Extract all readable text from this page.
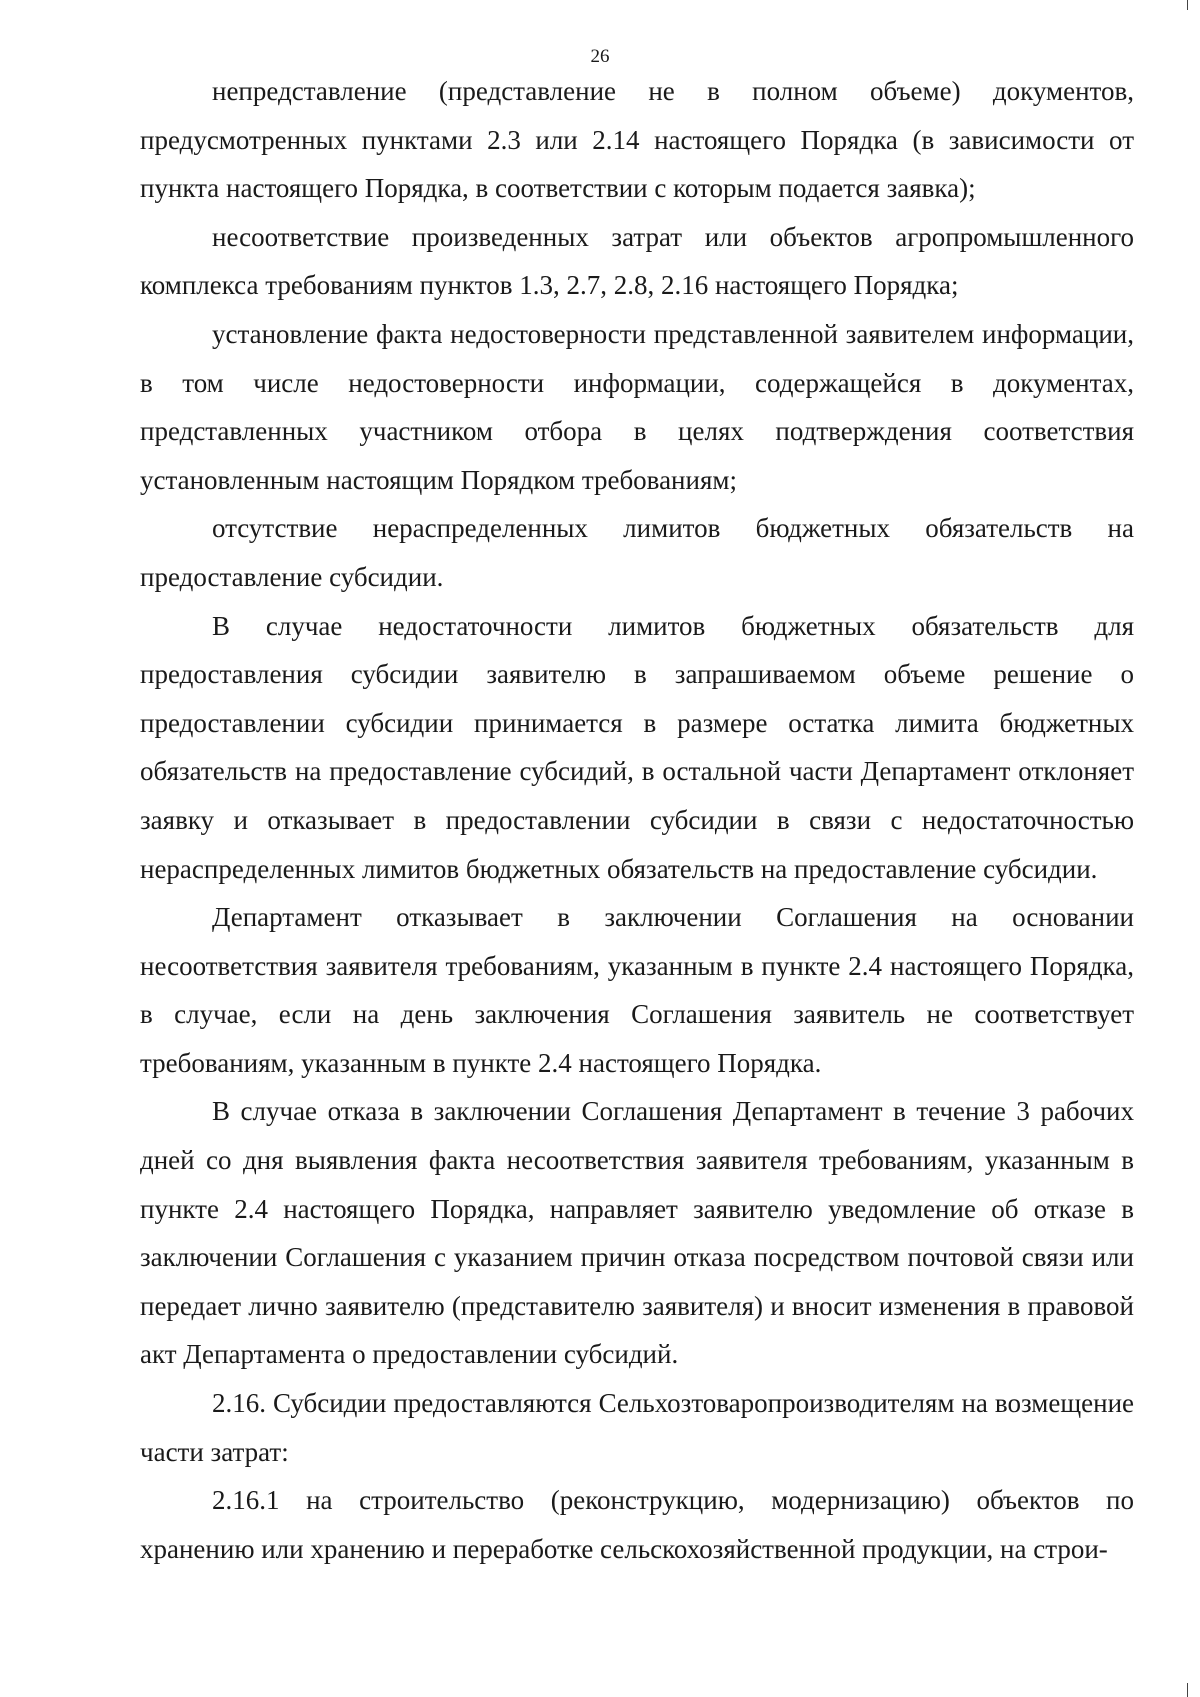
26

непредставление (представление не в полном объеме) документов, предусмотренных пунктами 2.3 или 2.14 настоящего Порядка (в зависимости от пункта настоящего Порядка, в соответствии с которым подается заявка);

несоответствие произведенных затрат или объектов агропромышленного комплекса требованиям пунктов 1.3, 2.7, 2.8, 2.16 настоящего Порядка;

установление факта недостоверности представленной заявителем информации, в том числе недостоверности информации, содержащейся в документах, представленных участником отбора в целях подтверждения соответствия установленным настоящим Порядком требованиям;

отсутствие нераспределенных лимитов бюджетных обязательств на предоставление субсидии.

В случае недостаточности лимитов бюджетных обязательств для предоставления субсидии заявителю в запрашиваемом объеме решение о предоставлении субсидии принимается в размере остатка лимита бюджетных обязательств на предоставление субсидий, в остальной части Департамент отклоняет заявку и отказывает в предоставлении субсидии в связи с недостаточностью нераспределенных лимитов бюджетных обязательств на предоставление субсидии.

Департамент отказывает в заключении Соглашения на основании несоответствия заявителя требованиям, указанным в пункте 2.4 настоящего Порядка, в случае, если на день заключения Соглашения заявитель не соответствует требованиям, указанным в пункте 2.4 настоящего Порядка.

В случае отказа в заключении Соглашения Департамент в течение 3 рабочих дней со дня выявления факта несоответствия заявителя требованиям, указанным в пункте 2.4 настоящего Порядка, направляет заявителю уведомление об отказе в заключении Соглашения с указанием причин отказа посредством почтовой связи или передает лично заявителю (представителю заявителя) и вносит изменения в правовой акт Департамента о предоставлении субсидий.

2.16. Субсидии предоставляются Сельхозтоваропроизводителям на возмещение части затрат:

2.16.1 на строительство (реконструкцию, модернизацию) объектов по хранению или хранению и переработке сельскохозяйственной продукции, на строи-
